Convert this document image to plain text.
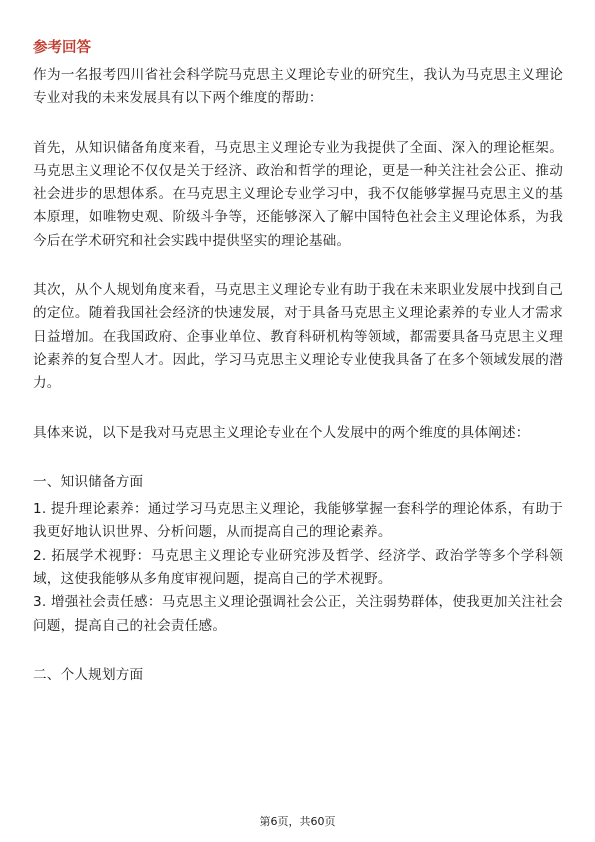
参考回答

作为一名报考四川省社会科学院马克思主义理论专业的研究生，我认为马克思主义理论专业对我的未来发展具有以下两个维度的帮助：

首先，从知识储备角度来看，马克思主义理论专业为我提供了全面、深入的理论框架。马克思主义理论不仅仅是关于经济、政治和哲学的理论，更是一种关注社会公正、推动社会进步的思想体系。在马克思主义理论专业学习中，我不仅能够掌握马克思主义的基本原理，如唯物史观、阶级斗争等，还能够深入了解中国特色社会主义理论体系，为我今后在学术研究和社会实践中提供坚实的理论基础。

其次，从个人规划角度来看，马克思主义理论专业有助于我在未来职业发展中找到自己的定位。随着我国社会经济的快速发展，对于具备马克思主义理论素养的专业人才需求日益增加。在我国政府、企事业单位、教育科研机构等领域，都需要具备马克思主义理论素养的复合型人才。因此，学习马克思主义理论专业使我具备了在多个领域发展的潜力。

具体来说，以下是我对马克思主义理论专业在个人发展中的两个维度的具体阐述：

一、知识储备方面

1. 提升理论素养：通过学习马克思主义理论，我能够掌握一套科学的理论体系，有助于我更好地认识世界、分析问题，从而提高自己的理论素养。

2. 拓展学术视野：马克思主义理论专业研究涉及哲学、经济学、政治学等多个学科领域，这使我能够从多角度审视问题，提高自己的学术视野。

3. 增强社会责任感：马克思主义理论强调社会公正，关注弱势群体，使我更加关注社会问题，提高自己的社会责任感。

二、个人规划方面
第6页，共60页
